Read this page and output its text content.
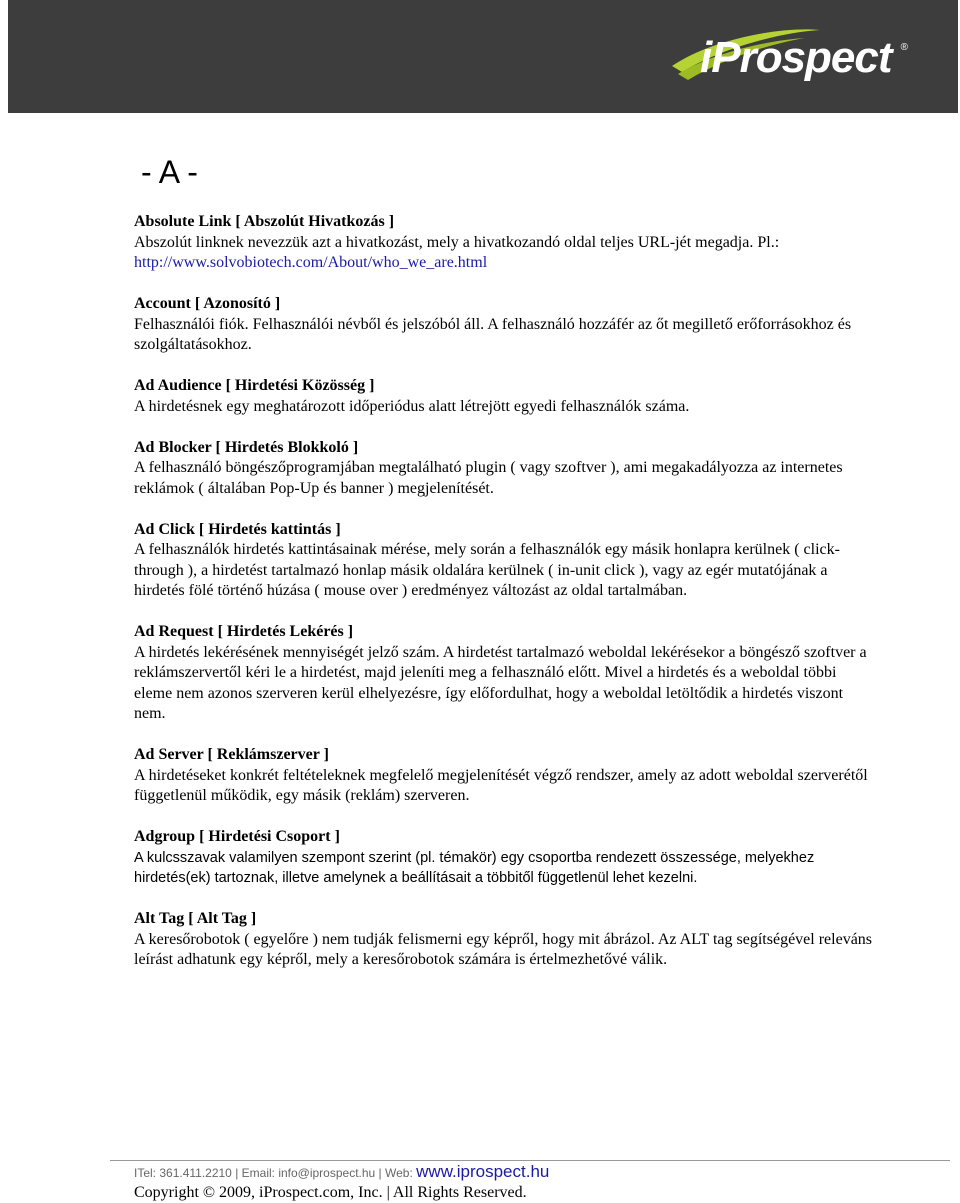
iProspect ®
- A -
Absolute Link [ Abszolút Hivatkozás ]
Abszolút linknek nevezzük azt a hivatkozást, mely a hivatkozandó oldal teljes URL-jét megadja. Pl.:
http://www.solvobiotech.com/About/who_we_are.html
Account [ Azonosító ]
Felhasználói fiók. Felhasználói névből és jelszóból áll. A felhasználó hozzáfér az őt megillető erőforrásokhoz és szolgáltatásokhoz.
Ad Audience [ Hirdetési Közösség ]
A hirdetésnek egy meghatározott időperiódus alatt létrejött egyedi felhasználók száma.
Ad Blocker [ Hirdetés Blokkoló ]
A felhasználó böngészőprogramjában megtalálható plugin ( vagy szoftver ), ami megakadályozza az internetes reklámok ( általában Pop-Up és banner ) megjelenítését.
Ad Click [ Hirdetés kattintás ]
A felhasználók hirdetés kattintásainak mérése, mely során a felhasználók egy másik honlapra kerülnek ( click-through ), a hirdetést tartalmazó honlap másik oldalára kerülnek ( in-unit click ), vagy az egér mutatójának a hirdetés fölé történő húzása ( mouse over ) eredményez változást az oldal tartalmában.
Ad Request [ Hirdetés Lekérés ]
A hirdetés lekérésének mennyiségét jelző szám. A hirdetést tartalmazó weboldal lekérésekor a böngésző szoftver a reklámszervertől kéri le a hirdetést, majd jeleníti meg a felhasználó előtt. Mivel a hirdetés és a weboldal többi eleme nem azonos szerveren kerül elhelyezésre, így előfordulhat, hogy a weboldal letöltődik a hirdetés viszont nem.
Ad Server [ Reklámszerver ]
A hirdetéseket konkrét feltételeknek megfelelő megjelenítését végző rendszer, amely az adott weboldal szerverétől függetlenül működik, egy másik (reklám) szerveren.
Adgroup [ Hirdetési Csoport ]
A kulcsszavak valamilyen szempont szerint (pl. témakör) egy csoportba rendezett összessége, melyekhez hirdetés(ek) tartoznak, illetve amelynek a beállításait a többitől függetlenül lehet kezelni.
Alt Tag [ Alt Tag ]
A keresőrobotok ( egyelőre ) nem tudják felismerni egy képről, hogy mit ábrázol. Az ALT tag segítségével releváns leírást adhatunk egy képről, mely a keresőrobotok számára is értelmezhetővé válik.
ITel: 361.411.2210 | Email: info@iprospect.hu | Web: www.iprospect.hu
Copyright © 2009, iProspect.com, Inc. | All Rights Reserved.
